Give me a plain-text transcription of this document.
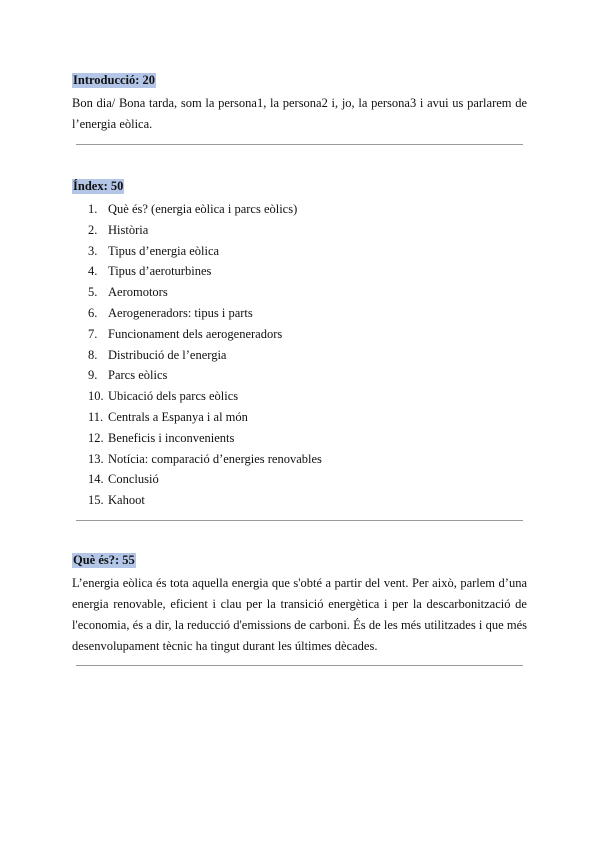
Introducció: 20

Bon dia/ Bona tarda, som la persona1, la persona2 i, jo, la persona3 i avui us parlarem de l’energia eòlica.

Índex: 50
1. Què és? (energia eòlica i parcs eòlics)
2. Història
3. Tipus d’energia eòlica
4. Tipus d’aeroturbines
5. Aeromotors
6. Aerogeneradors: tipus i parts
7. Funcionament dels aerogeneradors
8. Distribució de l’energia
9. Parcs eòlics
10. Ubicació dels parcs eòlics
11. Centrals a Espanya i al món
12. Beneficis i inconvenients
13. Notícia: comparació d’energies renovables
14. Conclusió
15. Kahoot
Què és?: 55

L’energia eòlica és tota aquella energia que s'obté a partir del vent. Per això, parlem d’una energia renovable, eficient i clau per la transició energètica i per la descarbonització de l'economia, és a dir, la reducció d'emissions de carboni. És de les més utilitzades i que més desenvolupament tècnic ha tingut durant les últimes dècades.
